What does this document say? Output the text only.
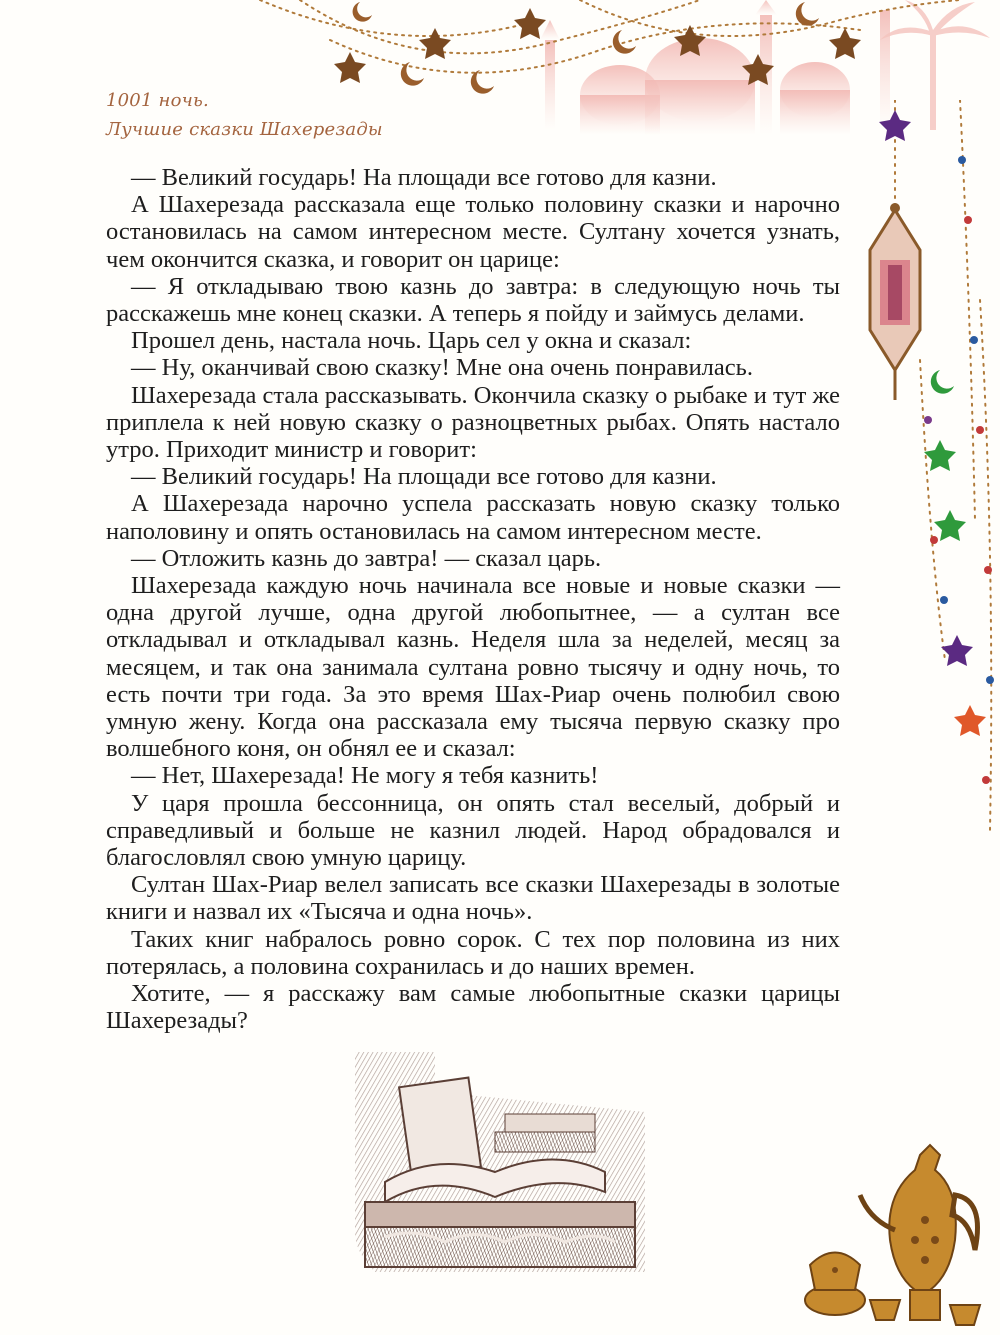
1001 ночь.
Лучшие сказки Шахерезады

— Великий государь! На площади все готово для казни.

А Шахерезада рассказала еще только половину сказки и нарочно остановилась на самом интересном месте. Султану хочется узнать, чем окончится сказка, и говорит он царице:

— Я откладываю твою казнь до завтра: в следующую ночь ты расскажешь мне конец сказки. А теперь я пойду и займусь делами.

Прошел день, настала ночь. Царь сел у окна и сказал:

— Ну, оканчивай свою сказку! Мне она очень понравилась.

Шахерезада стала рассказывать. Окончила сказку о рыбаке и тут же приплела к ней новую сказку о разноцветных рыбах. Опять настало утро. Приходит министр и говорит:

— Великий государь! На площади все готово для казни.

А Шахерезада нарочно успела рассказать новую сказку только наполовину и опять остановилась на самом интересном месте.

— Отложить казнь до завтра! — сказал царь.

Шахерезада каждую ночь начинала все новые и новые сказки — одна другой лучше, одна другой любопытнее, — а султан все откладывал и откладывал казнь. Неделя шла за неделей, месяц за месяцем, и так она занимала султана ровно тысячу и одну ночь, то есть почти три года. За это время Шах-Риар очень полюбил свою умную жену. Когда она рассказала ему тысяча первую сказку про волшебного коня, он обнял ее и сказал:

— Нет, Шахерезада! Не могу я тебя казнить!

У царя прошла бессонница, он опять стал веселый, добрый и справедливый и больше не казнил людей. Народ обрадовался и благословлял свою умную царицу.

Султан Шах-Риар велел записать все сказки Шахерезады в золотые книги и назвал их «Тысяча и одна ночь».

Таких книг набралось ровно сорок. С тех пор половина из них потерялась, а половина сохранилась и до наших времен.

Хотите, — я расскажу вам самые любопытные сказки царицы Шахерезады?
